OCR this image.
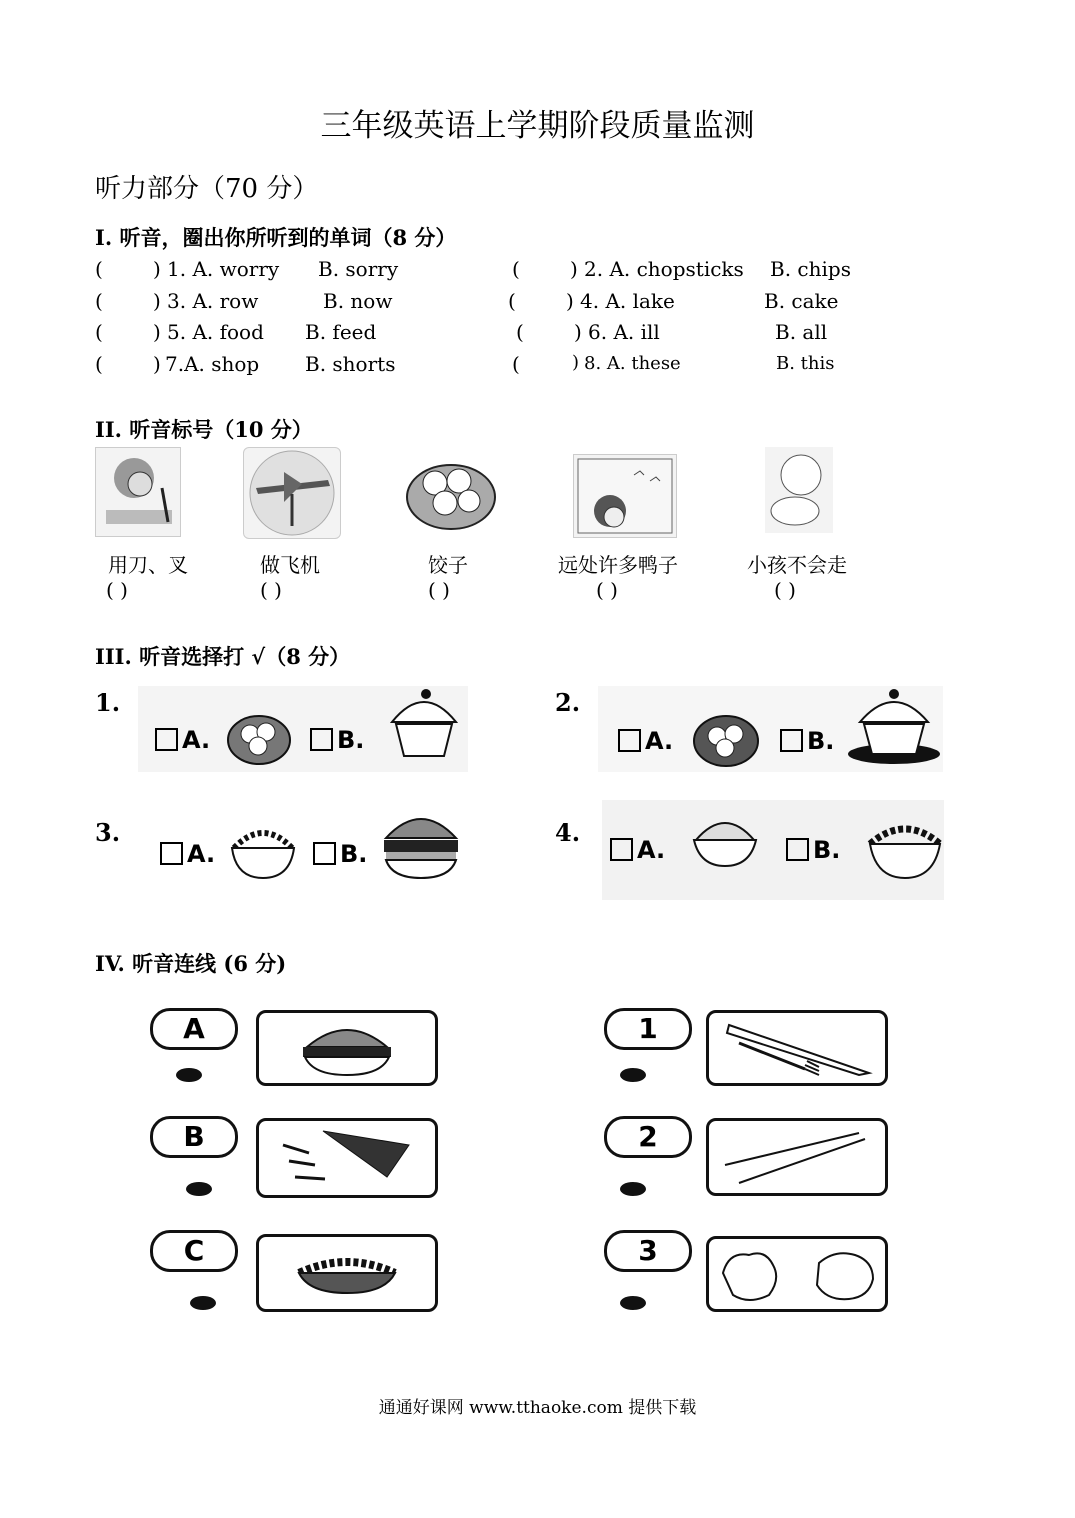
三年级英语上学期阶段质量监测
听力部分（70 分）
I. 听音，圈出你所听到的单词（8 分）
(	) 1. A. worry B. sorry	(	) 2. A. chopsticks B. chips
(	) 3. A. row	B. now	(	) 4. A. lake	B. cake
(	) 5. A. food B. feed	(	) 6. A. ill	B. all
(	) 7.A. shop B. shorts	(	) 8. A. these	B. this
II. 听音标号（10 分）
用刀、叉	做飞机	饺子	远处许多鸭子	小孩不会走
( )	( )	( )	( )	( )
III. 听音选择打 √（8 分）
1.
A.	B.
2.
A.	B.
3.
A.	B.
4.
A.	B.
IV. 听音连线 (6 分)
A
B
C
1
2
3
通通好课网 www.tthaoke.com 提供下载
